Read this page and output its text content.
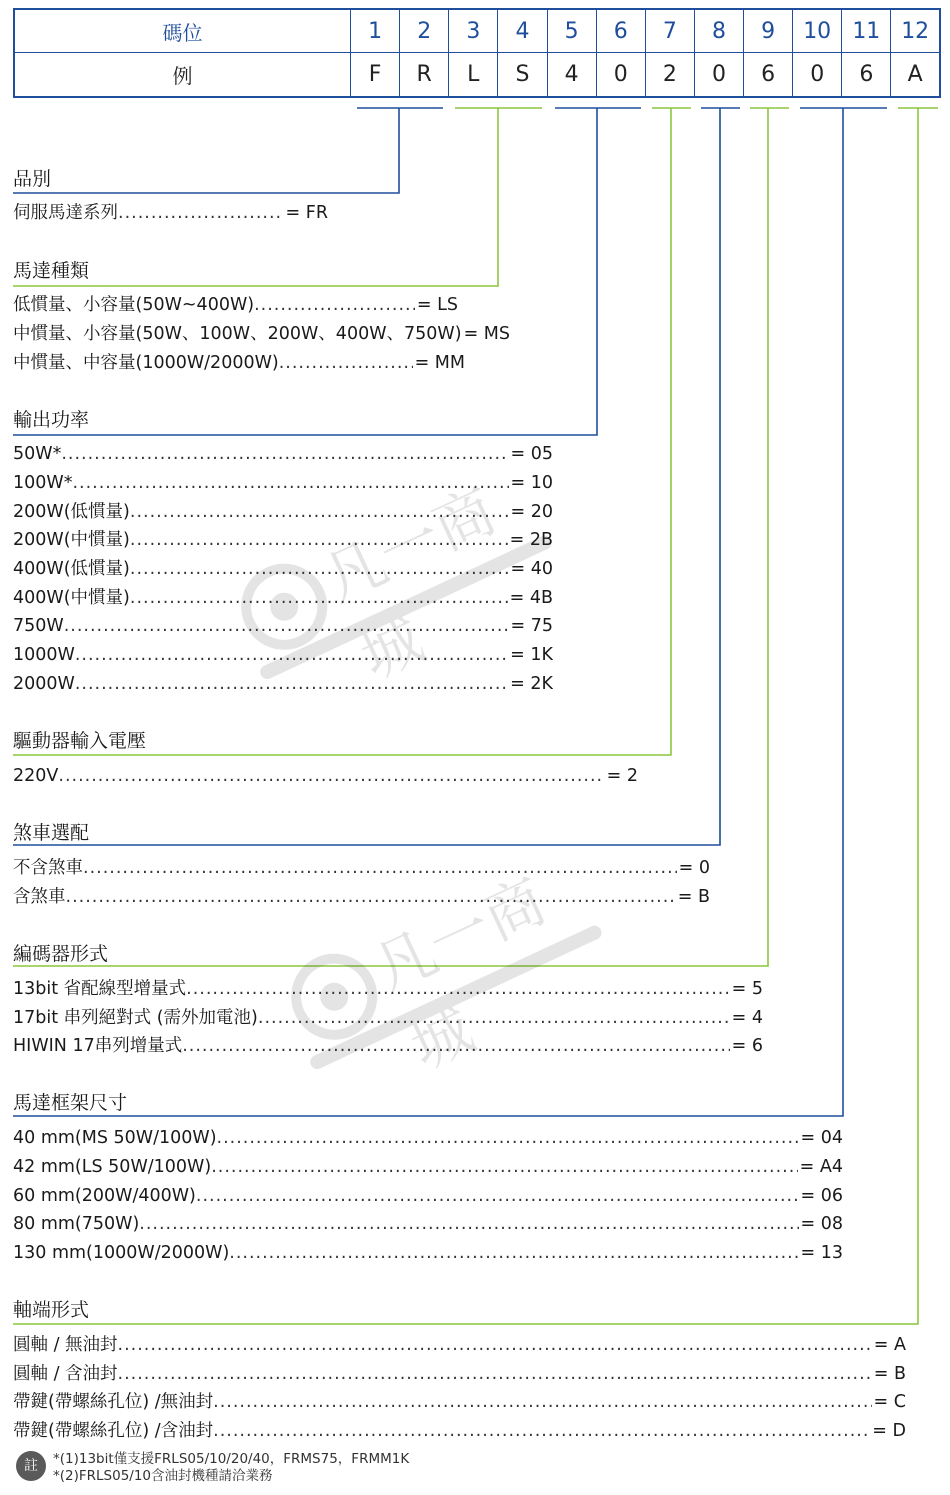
碼位	1	2	3	4	5	6	7	8	9	10	11	12
例	F	R	L	S	4	0	2	0	6	0	6	A
凡一商城
凡一商城
品別
伺服馬達系列 .....	= FR
馬達種類
低慣量、小容量(50W~400W) .....	= LS
中慣量、小容量(50W、100W、200W、400W、750W) = MS
中慣量、中容量(1000W/2000W) .....	= MM
輸出功率
50W* .....	= 05
100W* .....	= 10
200W(低慣量) .....	= 20
200W(中慣量) .....	= 2B
400W(低慣量) .....	= 40
400W(中慣量) .....	= 4B
750W .....	= 75
1000W .....	= 1K
2000W .....	= 2K
驅動器輸入電壓
220V .....	= 2
煞車選配
不含煞車 .....	= 0
含煞車 .....	= B
編碼器形式
13bit 省配線型增量式 .....	= 5
17bit 串列絕對式 (需外加電池) .....	= 4
HIWIN 17串列增量式 .....	= 6
馬達框架尺寸
40 mm(MS 50W/100W) .....	= 04
42 mm(LS 50W/100W) .....	= A4
60 mm(200W/400W) .....	= 06
80 mm(750W) .....	= 08
130 mm(1000W/2000W) .....	= 13
軸端形式
圓軸 / 無油封 .....	= A
圓軸 / 含油封 .....	= B
帶鍵(帶螺絲孔位) /無油封 .....	= C
帶鍵(帶螺絲孔位) /含油封 .....	= D
註	*(1)13bit僅支援FRLS05/10/20/40，FRMS75，FRMM1K
*(2)FRLS05/10含油封機種請洽業務
